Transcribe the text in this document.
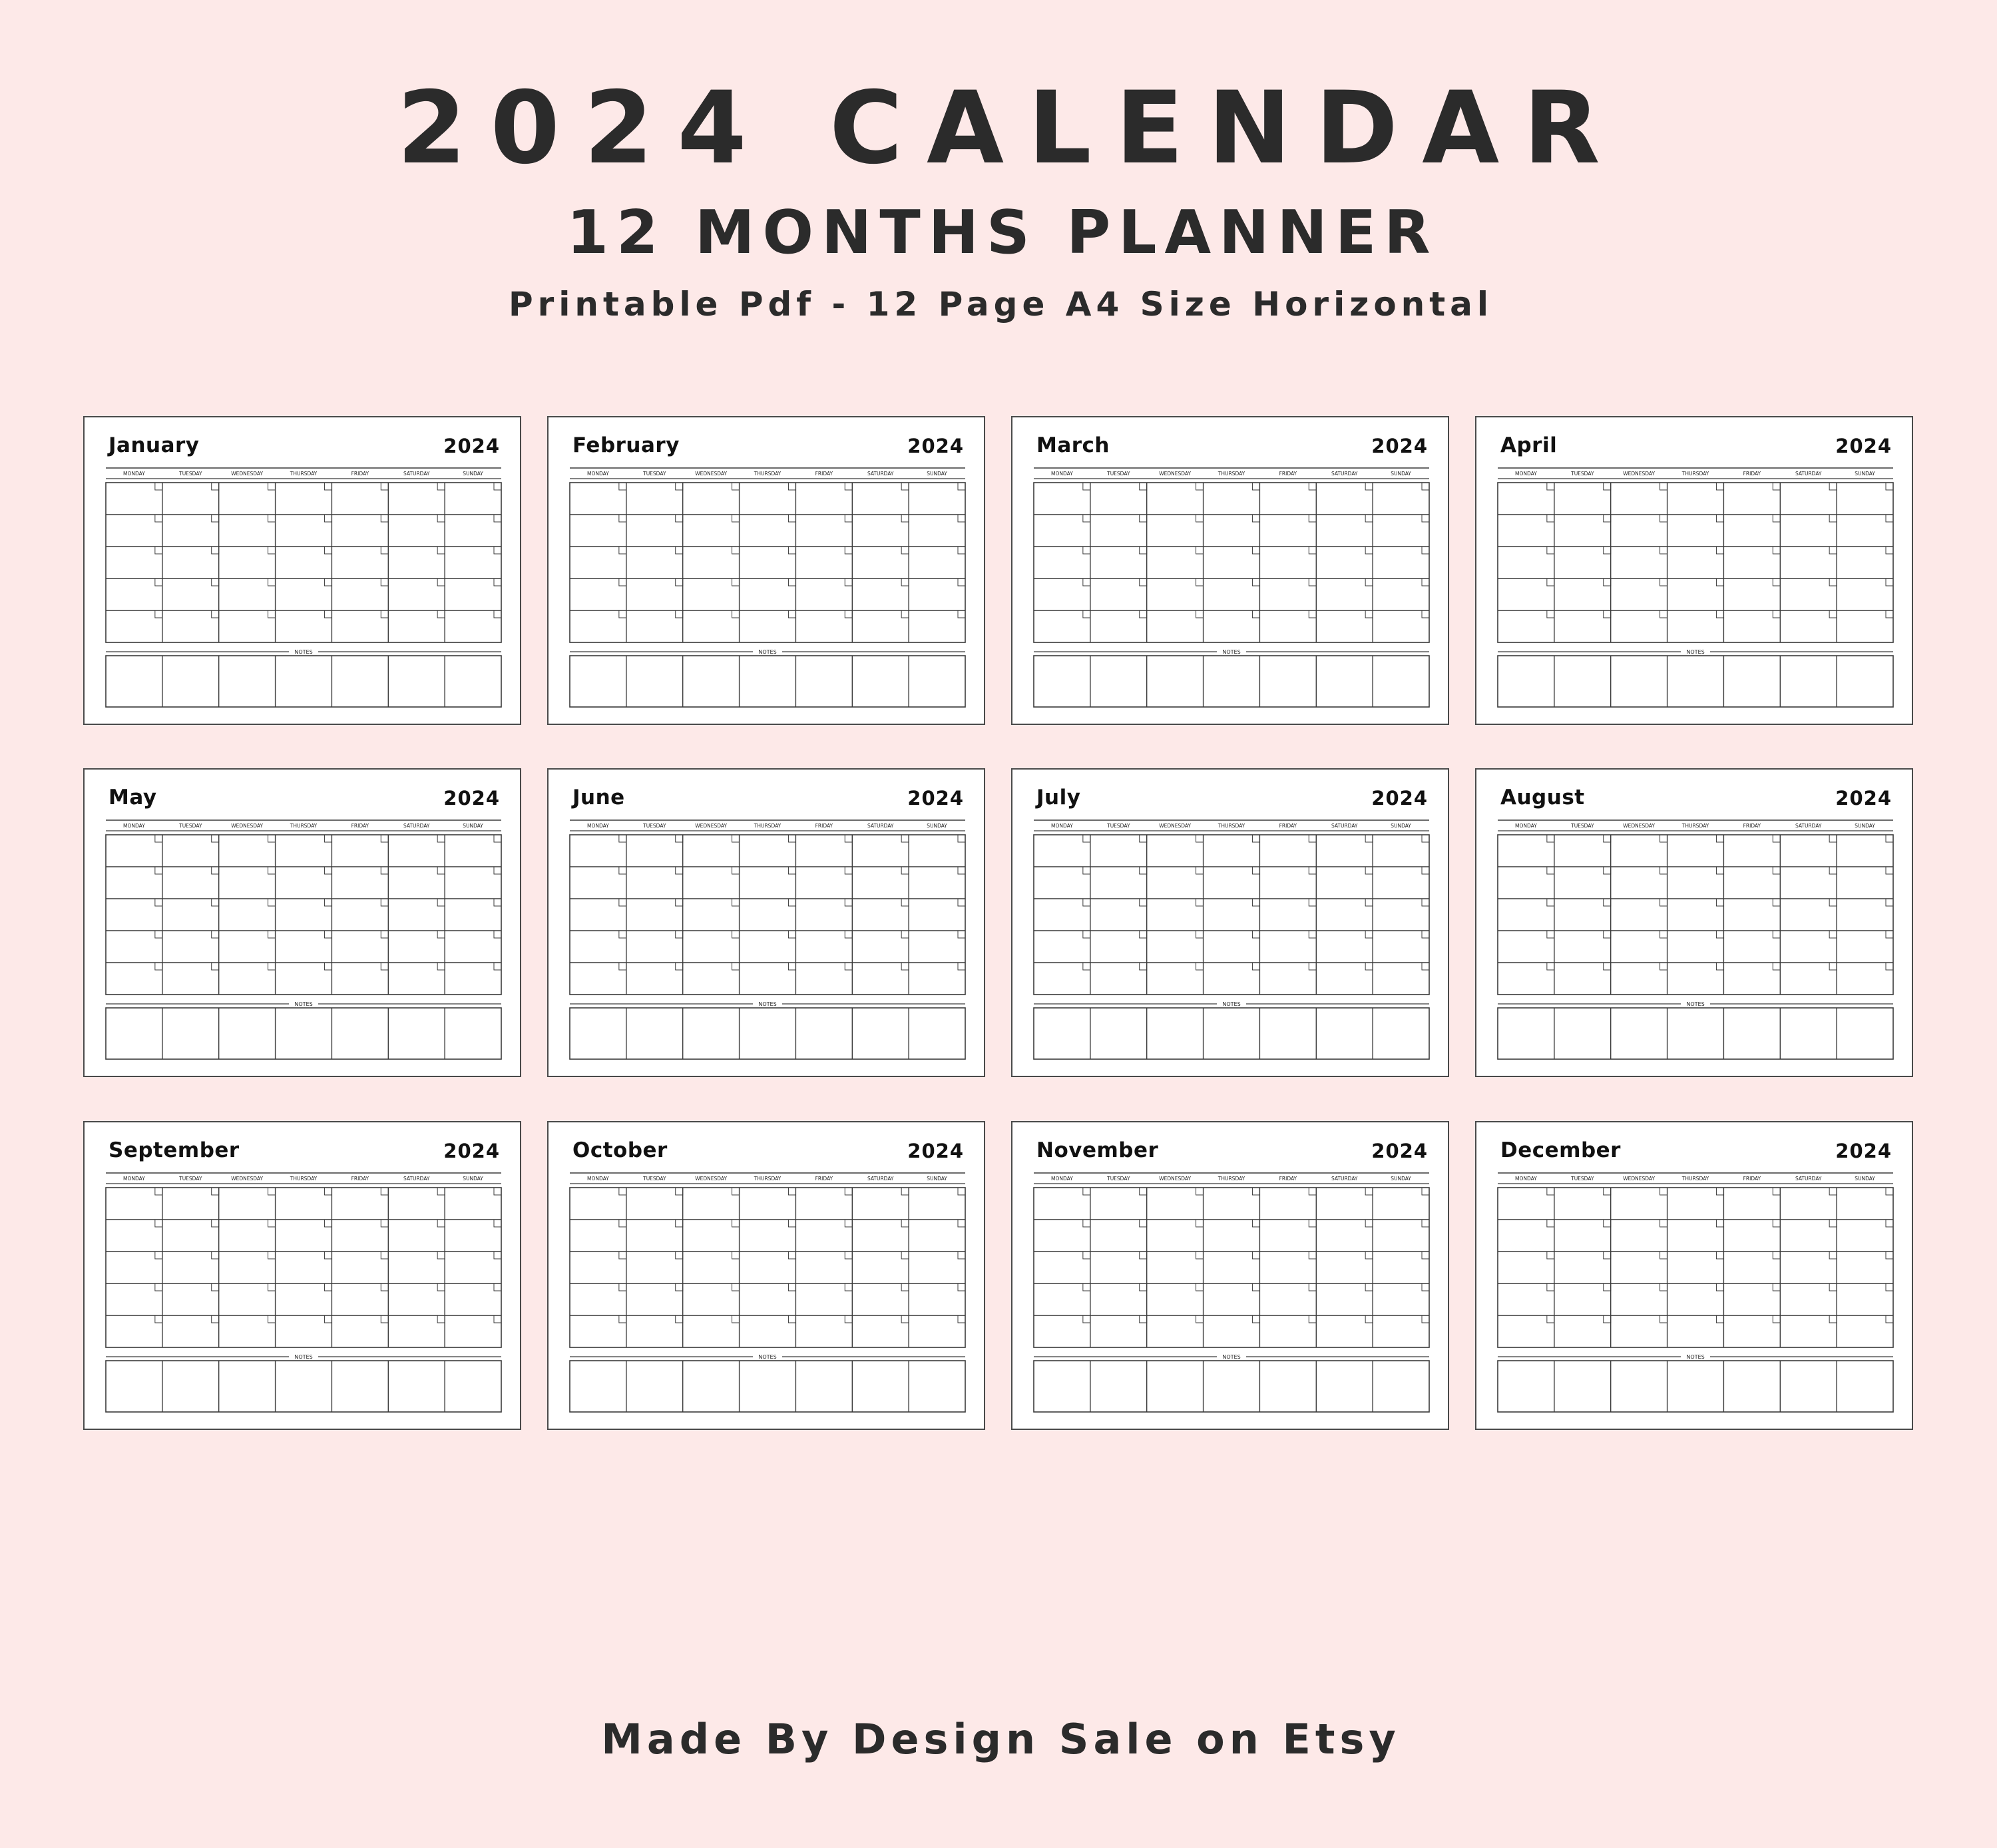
2024 CALENDAR
12 MONTHS PLANNER
Printable Pdf - 12 Page A4 Size Horizontal
MONDAY	TUESDAY	WEDNESDAY	THURSDAY	FRIDAY	SATURDAY	SUNDAY
NOTES
January	2024
MONDAY	TUESDAY	WEDNESDAY	THURSDAY	FRIDAY	SATURDAY	SUNDAY
NOTES
February	2024
MONDAY	TUESDAY	WEDNESDAY	THURSDAY	FRIDAY	SATURDAY	SUNDAY
NOTES
March	2024
MONDAY	TUESDAY	WEDNESDAY	THURSDAY	FRIDAY	SATURDAY	SUNDAY
NOTES
April	2024
MONDAY	TUESDAY	WEDNESDAY	THURSDAY	FRIDAY	SATURDAY	SUNDAY
NOTES
May	2024
MONDAY	TUESDAY	WEDNESDAY	THURSDAY	FRIDAY	SATURDAY	SUNDAY
NOTES
June	2024
MONDAY	TUESDAY	WEDNESDAY	THURSDAY	FRIDAY	SATURDAY	SUNDAY
NOTES
July	2024
MONDAY	TUESDAY	WEDNESDAY	THURSDAY	FRIDAY	SATURDAY	SUNDAY
NOTES
August	2024
MONDAY	TUESDAY	WEDNESDAY	THURSDAY	FRIDAY	SATURDAY	SUNDAY
NOTES
September	2024
MONDAY	TUESDAY	WEDNESDAY	THURSDAY	FRIDAY	SATURDAY	SUNDAY
NOTES
October	2024
MONDAY	TUESDAY	WEDNESDAY	THURSDAY	FRIDAY	SATURDAY	SUNDAY
NOTES
November	2024
MONDAY	TUESDAY	WEDNESDAY	THURSDAY	FRIDAY	SATURDAY	SUNDAY
NOTES
December	2024
Made By Design Sale on Etsy
